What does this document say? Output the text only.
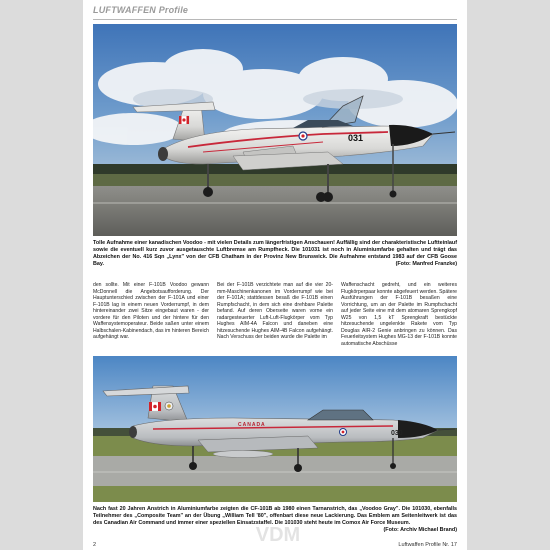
LUFTWAFFEN Profile
031
Tolle Aufnahme einer kanadischen Voodoo - mit vielen Details zum längerfristigen Anschauen! Auffällig sind der charakteristische Luftteinlauf sowie die eventuell kurz zuvor ausgetauschte Luftbremse am Rumpfheck. Die 101031 ist noch in Aluminiumfarbe gehalten und trägt das Abzeichen der No. 416 Sqn „Lynx" von der CFB Chatham in der Provinz New Brunswick. Die Aufnahme entstand 1983 auf der CFB Goose Bay.	(Foto: Manfred Franzke)
den sollte. Mit einer F-101B Voodoo gewann McDonnell die Angebotsaufforderung. Der Hauptunterschied zwischen der F-101A und einer F-101B lag in einem neuen Vorderrumpf, in dem hintereinander zwei Sitze eingebaut waren - der vordere für den Piloten und der hintere für den Waffensystemoperateur. Beide saßen unter einem Halbschalen-Kabinendach, das im hinteren Bereich aufgehängt war.
Bei der F-101B verzichtete man auf die vier 20-mm-Maschinenkanonen im Vorderrumpf wie bei der F-101A; stattdessen besaß die F-101B einen Rumpfschacht, in dem sich eine drehbare Palette befand. Auf deren Oberseite waren vorne ein radargesteuerter Luft-Luft-Flugkörper vom Typ Hughes AIM-4A Falcon und daneben eine hitzesuchende Hughes AIM-4B Falcon aufgehängt. Nach Verschuss der beiden wurde die Palette im
Waffenschacht gedreht, und ein weiteres Flugkörperpaar konnte abgefeuert werden. Spätere Ausführungen der F-101B besaßen eine Vorrichtung, um an der Palette im Rumpfschacht auf jeder Seite eine mit dem atomaren Sprengkopf W25 von 1,5 kT Sprengkraft bestückte hitzesuchende ungelenkte Rakete vom Typ Douglas AIR-2 Genie anbringen zu können. Das Feuerleitsystem Hughes MG-13 der F-101B konnte automatische Abschüsse
CANADA
030
Nach fast 20 Jahren Anstrich in Aluminiumfarbe zeigten die CF-101B ab 1980 einen Tarnanstrich, das „Voodoo Gray". Die 101030, ebenfalls Teilnehmer des „Composite Team" an der Übung „William Tell '80", offenbart diese neue Lackierung. Das Emblem am Seitenleitwerk ist das des Canadian Air Command und immer einer speziellen Einsatzstaffel. Die 101030 steht heute im Comox Air Force Museum.
(Foto: Archiv Michael Brand)
VDM
2	Luftwaffen Profile Nr. 17
